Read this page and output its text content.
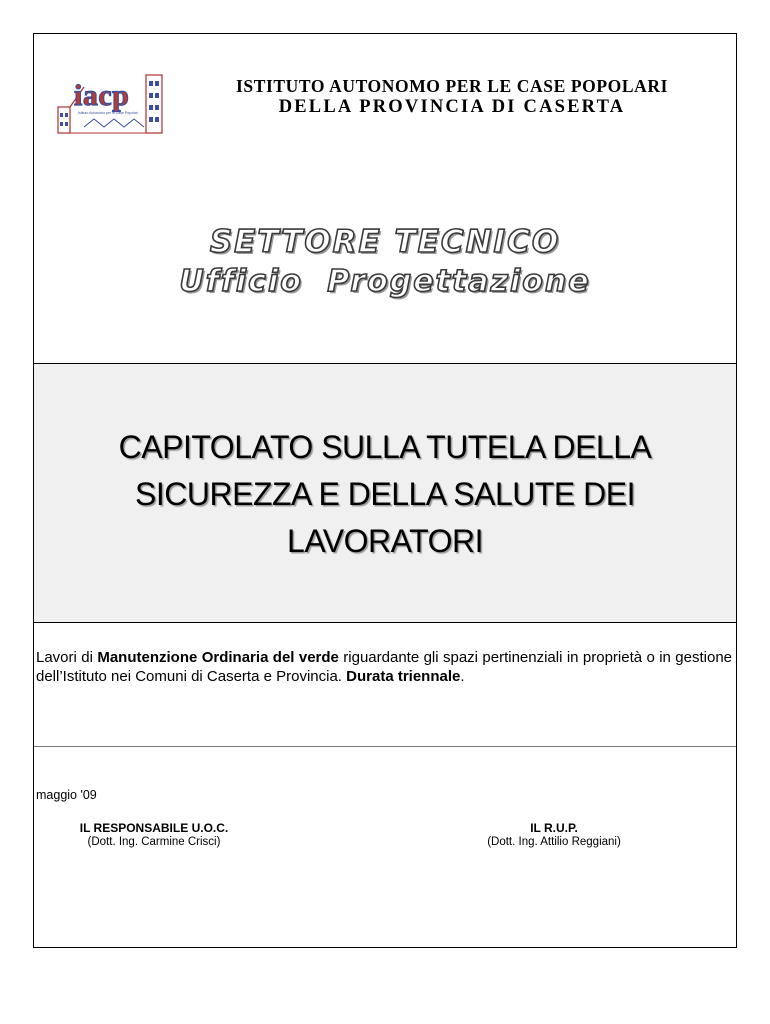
iacp
Istituto Autonomo per le Case Popolari
ISTITUTO AUTONOMO PER LE CASE POPOLARI
DELLA PROVINCIA DI CASERTA
SETTORE TECNICO
Ufficio Progettazione
CAPITOLATO SULLA TUTELA DELLA
SICUREZZA E DELLA SALUTE DEI
LAVORATORI
Lavori di Manutenzione Ordinaria del verde riguardante gli spazi pertinenziali in proprietà o in gestione dell’Istituto nei Comuni di Caserta e Provincia. Durata triennale.
maggio '09
IL RESPONSABILE U.O.C.
(Dott. Ing. Carmine Crisci)
IL R.U.P.
(Dott. Ing. Attilio Reggiani)
